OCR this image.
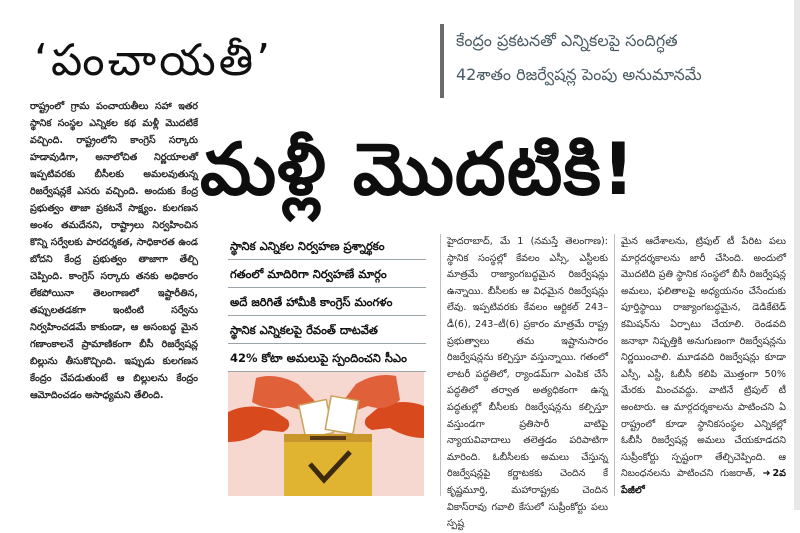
‘పంచాయతీ’	కేంద్రం ప్రకటనతో ఎన్నికలపై సందిగ్ధత
42శాతం రిజర్వేషన్ల పెంపు అనుమానమే
మళ్లీ మొదటికి!

రాష్ట్రంలో గ్రామ పంచాయతీలు సహా ఇతర స్థానిక సంస్థల ఎన్నికల కథ మళ్లీ మొదటికే వచ్చింది. రాష్ట్రంలోని కాంగ్రెస్ సర్కారు హడావుడిగా, అనాలోచిత నిర్ణయాలతో ఇప్పటివరకు బీసీలకు అమలవుతున్న రిజర్వేషన్లకే ఎసరు వచ్చింది. అందుకు కేంద్ర ప్రభుత్వం తాజా ప్రకటనే సాక్ష్యం. కులగణన అంశం తమదేనని, రాష్ట్రాలు నిర్వహించిన కొన్ని సర్వేలకు పారదర్శకత, సాధికారత ఉండ బోదని కేంద్ర ప్రభుత్వం తాజాగా తేల్చి చెప్పింది. కాంగ్రెస్ సర్కారు తనకు అధికారం లేకపోయినా తెలంగాణలో ఇష్టారీతిన, తప్పులతడకగా ఇంటింటి సర్వేను నిర్వహించడమే కాకుండా, ఆ అసంబద్ధ మైన గణాంకాలనే ప్రామాణికంగా బీసీ రిజర్వేషన్ల బిల్లును తీసుకొచ్చింది. ఇప్పుడు కులగణన కేంద్రం చేపడుతుంటే ఆ బిల్లులను కేంద్రం ఆమోదించడం అసాధ్యమని తేలింది.

స్థానిక ఎన్నికల నిర్వహణ ప్రశ్నార్థకం
గతంలో మాదిరిగా నిర్వహణే మార్గం
అదే జరిగితే హామీకి కాంగ్రెస్ మంగళం
స్థానిక ఎన్నికలపై రేవంత్ దాటవేత
42% కోటా అమలుపై స్పందించని సీఎం

హైదరాబాద్, మే 1 (నమస్తే తెలంగాణ): స్థానిక సంస్థల్లో కేవలం ఎస్సీ, ఎస్టీలకు మాత్రమే రాజ్యాంగబద్ధమైన రిజర్వేషన్లు ఉన్నాయి. బీసీలకు ఆ విధమైన రిజర్వేషన్లు లేవు. ఇప్పటివరకు కేవలం ఆర్టికల్ 243–డీ(6), 243–టీ(6) ప్రకారం మాత్రమే రాష్ట్ర ప్రభుత్వాలు తమ ఇష్టానుసారం రిజర్వేషన్లను కల్పిస్తూ వస్తున్నాయి. గతంలో లాటరీ పద్ధతిలో, ర్యాండమ్‌గా ఎంపిక చేసే పద్ధతిలో తర్వాత అత్యధికంగా ఉన్న పద్ధతుల్లో బీసీలకు రిజర్వేషన్లను కల్పిస్తూ వస్తుండగా ప్రతిసారీ వాటిపై న్యాయవివాదాలు తలెత్తడం పరిపాటిగా మారింది. ఓబీసీలకు అమలు చేస్తున్న రిజర్వేషన్లపై కర్ణాటకకు చెందిన కే కృష్ణమూర్తి, మహారాష్ట్రకు చెందిన వికాస్‌రావు గవాలి కేసులో సుప్రీంకోర్టు పలు స్పష్ట

మైన ఆదేశాలను, ట్రిపుల్ టీ పేరిట పలు మార్గదర్శకాలను జారీ చేసింది. అందులో మొదటిది ప్రతి స్థానిక సంస్థలో బీసీ రిజర్వేషన్ల అమలు, ఫలితాలపై అధ్యయనం చేసేందుకు పూర్తిస్థాయి రాజ్యాంగబద్ధమైన, డెడికేటెడ్ కమిషన్‌ను ఏర్పాటు చేయాలి. రెండవది జనాభా నిష్పత్తికి అనుగుణంగా రిజర్వేషన్లను నిర్ణయించాలి. మూడవది రిజర్వేషన్లు కూడా ఎస్సీ, ఎస్టీ, ఓబీసీ కలిపి మొత్తంగా 50% మేరకు మించవద్దు. వాటినే ట్రిపుల్ టీ అంటారు. ఆ మార్గదర్శకాలను పాటించని ఏ రాష్ట్రంలో కూడా స్థానికసంస్థల ఎన్నికల్లో ఓబీసీ రిజర్వేషన్ల అమలు చేయకూడదని సుప్రీంకోర్టు స్పష్టంగా తేల్చిచెప్పింది. ఆ నిబంధనలను పాటించని గుజరాత్, ➜ 2వ పేజీలో
